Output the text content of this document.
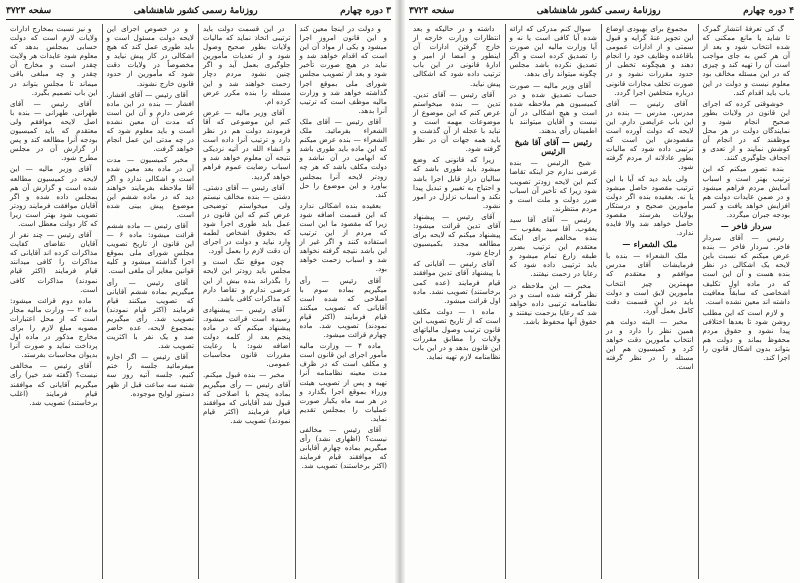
سفحه ۳۷۲۳	روزنامهٔ رسمی کشور شاهنشاهی	۳ دوره چهارم

و دولت در اینجا معین کند و این قانون امروز اجرا میشود و یکی از مواد آن این است که اقدام خواهد شد و نباید در هیچ صورت تأخیر شود و بعد از تصویب مجلس شورای ملی بموقع اجرا گذاشته خواهد شد و وزارت مالیه موظف است که ترتیب آنرا بدهد.

آقای رئیس — آقای ملک الشعراء بفرمائید. ملک الشعراء — بنده عرض میکنم که این ماده باید طوری باشد که ابهامی در آن نباشد و دولت مکلف باشد که هر چه زودتر لایحه آنرا بمجلس بیاورد و این موضوع را حل کند.

بعقیده بنده اشکالی ندارد که این قسمت اضافه شود زیرا که مقصود ما این است که مردم از این ترتیب استفاده کنند و اگر غیر از این باشد نتیجه گرفته نخواهد شد و اسباب زحمت خواهد بود.

آقای رئیس — رأی میگیریم بماده سوم با اصلاحی که شده است آقایانی که تصویب میکنند قیام فرمایند (اکثر قیام نمودند) تصویب شد. ماده چهارم قرائت میشود.

ماده ۴ — وزارت مالیه مأمور اجرای این قانون است و مکلف است که در ظرف مدت معینه نظامنامه آنرا تهیه و پس از تصویب هیئت وزراء بموقع اجرا بگذارد و در هر سه ماه یکبار صورت عملیات را بمجلس تقدیم نماید.

آقای رئیس — مخالفی نیست؟ (اظهاری نشد) رأی میگیریم بماده چهارم آقایانی که موافقند قیام فرمایند (اکثر برخاستند) تصویب شد.

در این قسمت دولت باید ترتیبی اتخاذ نماید که مالیات ولایات بطور صحیح وصول شود و از تعدیات مأمورین جلوگیری بعمل آید و اگر چنین نشود مردم دچار زحمت خواهند شد و این مسئله را بنده مکرر عرض کرده ام.

آقای وزیر مالیه — عرض کنم این موضوعی که آقا فرمودند دولت هم در نظر دارد و ترتیب آنرا داده است و انشاء الله در آتیه نزدیکی نتیجه آن معلوم خواهد شد و اسباب رضایت عموم فراهم خواهد گردید.

آقای رئیس — آقای دشتی. دشتی — بنده مخالف نیستم ولی میخواستم توضیحی عرض کنم که این قانون در عمل باید طوری اجرا شود که بحقوق اشخاص لطمه وارد نیاید و دولت در اجرای آن دقت لازم را بعمل آورد.

چون موقع تنگ است و مجلس باید زودتر این لایحه را بگذراند بنده بیش از این عرضی ندارم و تقاضا دارم که مذاکرات کافی باشد.

آقای رئیس — پیشنهادی رسیده است قرائت میشود. پیشنهاد میکنم که در ماده پنجم بعد از کلمه دولت اضافه شود: با رعایت مقررات قانون محاسبات عمومی.

مخبر — بنده قبول میکنم. آقای رئیس — رأی میگیریم بماده پنجم با اصلاحی که قبول شد آقایانی که موافقند قیام فرمایند (اکثر قیام نمودند) تصویب شد.

و در خصوص اجرای این لایحه دولت مسئول است و باید طوری عمل کند که هیچ اشکالی در کار پیش نیاید و مخصوصاً در ولایات دقت شود که مأمورین از حدود قانون خارج نشوند.

آقای رئیس — آقای افشار. افشار — بنده در این ماده عرضی دارم و آن این است که مدت آن معین نشده است و باید معلوم شود که در چه مدتی این عمل انجام خواهد گرفت.

مخبر کمیسیون — مدت آن در ماده بعد معین شده است و اشکالی ندارد و اگر آقا ملاحظه بفرمایند خواهند دید که در ماده ششم این موضوع پیش بینی شده است.

آقای رئیس — ماده ششم قرائت میشود: ماده ۶ — این قانون از تاریخ تصویب مجلس شورای ملی بموقع اجرا گذاشته میشود و کلیه قوانین مغایر آن ملغی است.

آقای رئیس — رأی میگیریم بماده ششم آقایانی که تصویب میکنند قیام فرمایند (اکثر قیام نمودند) تصویب شد. رأی میگیریم بمجموع لایحه، عده حاضر صد و یک نفر با اکثریت تصویب شد.

آقای رئیس — اگر اجازه میفرمائید جلسه را ختم کنیم، جلسه آتیه روز سه شنبه سه ساعت قبل از ظهر دستور لوایح موجوده.

و نیز نسبت بمخارج ادارات ولایات لازم است که دولت حسابی بمجلس بدهد که معلوم شود عایدات هر ولایت چقدر است و مخارج آن چقدر و چه مبلغی باقی میماند تا مجلس بتواند در این باب تصمیم بگیرد.

آقای رئیس — آقای طهرانی. طهرانی — بنده با اصل لایحه موافقم ولی معتقدم که باید کمیسیون بودجه آنرا مطالعه کند و پس از گزارش آن در مجلس مطرح شود.

آقای وزیر مالیه — این لایحه در کمیسیون مطالعه شده است و گزارش آن هم بمجلس داده شده و اگر آقایان موافقت فرمایند زودتر تصویب شود بهتر است زیرا که کار دولت معطل است.

آقای رئیس — چند نفر از آقایان تقاضای کفایت مذاکرات کرده اند آقایانی که مذاکرات را کافی میدانند قیام فرمایند (اکثر قیام نمودند) مذاکرات کافی است.

ماده دوم قرائت میشود: ماده ۲ — وزارت مالیه مجاز است که از محل اعتبارات مصوبه مبلغ لازم را برای مخارج مذکور در ماده اول پرداخت نماید و صورت آنرا بدیوان محاسبات بفرستد.

آقای رئیس — مخالفی نیست؟ (گفته شد خیر) رأی میگیریم آقایانی که موافقند قیام فرمایند (اغلب برخاستند) تصویب شد.

سفحه ۳۷۲۴	روزنامهٔ رسمی کشور شاهنشاهی	۴ دوره چهارم

گ کی تعرفهٔ انتشار گمرک تا شاید یا مانع ممکنی که شده انتخاب شود و بعد از آن هر کس به جای مواجب است آن را تهیه کند و چیزی که در این مسئله مخالف بود معلوم نیست و دولت در این باب باید اقدام کند.

خوشوقتی کرده که اجرای این قانون در ولایات بطور صحیح انجام شود و نمایندگان دولت در هر محل موظفند که در انجام آن کوشش نمایند و از تعدی و اجحاف جلوگیری کنند.

بنده تصور میکنم که این ترتیب بهتر است و اسباب آسایش مردم فراهم میشود و در ضمن عایدات دولت هم افزایش خواهد یافت و کسر بودجه جبران میگردد.

سردار فاخر —

رئیس — آقای سردار فاخر. سردار فاخر — بنده عرض میکنم که نسبت باین لایحه یک اشکالی در نظر بنده هست و آن این است که در ماده اول تکلیف اشخاصی که سابقاً معافیت داشته اند معین نشده است.

و لازم است که این مطلب روشن شود تا بعدها اختلافی پیدا نشود و حقوق مردم محفوظ بماند و دولت هم بتواند بدون اشکال قانون را اجرا کند.

مجموع برای بهبودی اوضاع این تجویز عنهٔ گرایه و قبول سمتی و از ادارات عمومی باقاعده وظایف خود را انجام دهند و هیچگونه تخطی از حدود مقررات نشود و در صورت تخلف مجازات قانونی درباره متخلفین اجرا گردد.

آقای رئیس — آقای مدرس. مدرس — بنده در این باب عرایضی دارم. این لایحه که دولت آورده است مقصودش این است که ترتیبی داده شود که مالیات بطور عادلانه از مردم گرفته شود.

ولی باید دید که آیا با این ترتیب مقصود حاصل میشود یا نه. بعقیده بنده اگر دولت مأمورین صحیح و درستکار بولایات بفرستد مقصود حاصل خواهد شد والا فایده ندارد.

ملک الشعراء —

ملک الشعراء — بنده با فرمایشات آقای مدرس موافقم و معتقدم که مهمترین چیز انتخاب مأمورین لایق است و دولت باید در این قسمت دقت کامل بعمل آورد.

مخبر — البته دولت هم همین نظر را دارد و در انتخاب مأمورین دقت خواهد کرد و کمیسیون هم این مسئله را در نظر گرفته است.

سوال کنم مدرکی که ارائه شده آیا کافی است یا نه و آیا وزارت مالیه این صورت را تصدیق کرده است و اگر تصدیق نکرده باشد مجلس چگونه میتواند رأی بدهد.

آقای وزیر مالیه — صورت حساب تصدیق شده و در کمیسیون هم ملاحظه شده است و هیچ اشکالی در آن نیست و آقایان میتوانند با اطمینان رأی بدهند.

رئیس — آقای آقا شیخ الرئیس

شیخ الرئیس — بنده عرضی ندارم جز اینکه تقاضا کنم این لایحه زودتر تصویب شود زیرا که تأخیر آن اسباب ضرر دولت و ملت است و مردم منتظرند.

رئیس — آقای آقا سید یعقوب. آقا سید یعقوب — بنده مخالفم برای اینکه معتقدم این ترتیب بضرر طبقه زارع تمام میشود و باید ترتیبی داده شود که رعایا در زحمت نیفتند.

مخبر — این ملاحظه در نظر گرفته شده است و در نظامنامه ترتیبی داده خواهد شد که رعایا بزحمت نیفتند و حقوق آنها محفوظ باشد.

داشته و در حالیکه و بعد انتظارات وزارت خارجه از خارج گرفتن ادارات آن اینطور و امضا از امیر و ادارهٔ قانونی در این باب ترتیب داده شود که اشکالی پیش نیاید.

آقای رئیس — آقای تدین. تدین — بنده میخواستم عرض کنم که این موضوع از موضوعات مهمه است و نباید با عجله از آن گذشت و باید همه جهات آن در نظر گرفته شود.

زیرا که قانونی که وضع میشود باید طوری باشد که سالیان دراز قابل اجرا باشد و احتیاج به تغییر و تبدیل پیدا نکند و اسباب تزلزل در امور نشود.

آقای رئیس — پیشنهاد آقای تدین قرائت میشود: پیشنهاد میکنم که لایحه برای مطالعه مجدد بکمیسیون ارجاع شود.

آقای رئیس — آقایانی که با پیشنهاد آقای تدین موافقند قیام فرمایند (عده کمی برخاستند) تصویب نشد. ماده اول قرائت میشود.

ماده ۱ — دولت مکلف است که از تاریخ تصویب این قانون ترتیب وصول مالیاتهای ولایات را مطابق مقررات این قانون بدهد و در این باب نظامنامه لازم تهیه نماید.
